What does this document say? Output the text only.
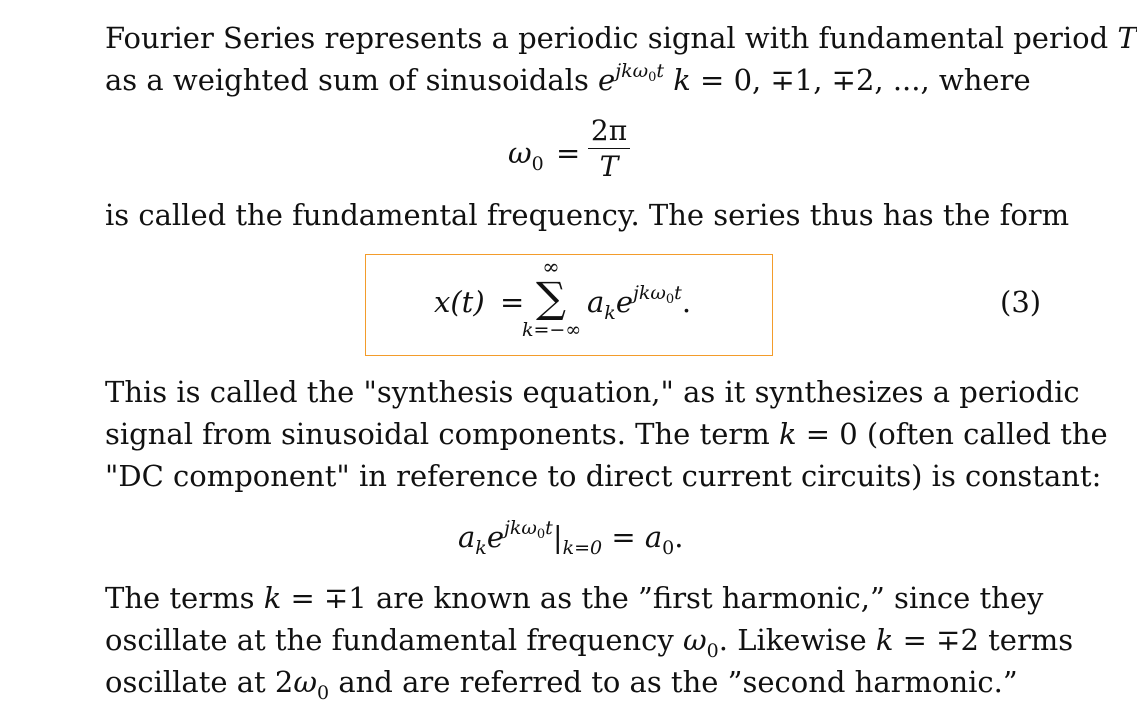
Fourier Series represents a periodic signal with fundamental period T
as a weighted sum of sinusoidals $e^{jk\omega_0t}$ k = 0, ∓1, ∓2, ..., where
$\omega_0$ =
2π
T
is called the fundamental frequency. The series thus has the form
x(t) =
∞
∑
k=−∞
$a_ke^{jk\omega_0t}$.	(3)
This is called the "synthesis equation," as it synthesizes a periodic
signal from sinusoidal components. The term k = 0 (often called the
"DC component" in reference to direct current circuits) is constant:
$a_ke^{jk\omega_0t}|_{k=0} = a_0$.
The terms k = ∓1 are known as the ”first harmonic,” since they
oscillate at the fundamental frequency $\omega_0$. Likewise k = ∓2 terms
oscillate at $2\omega_0$ and are referred to as the ”second harmonic.”
